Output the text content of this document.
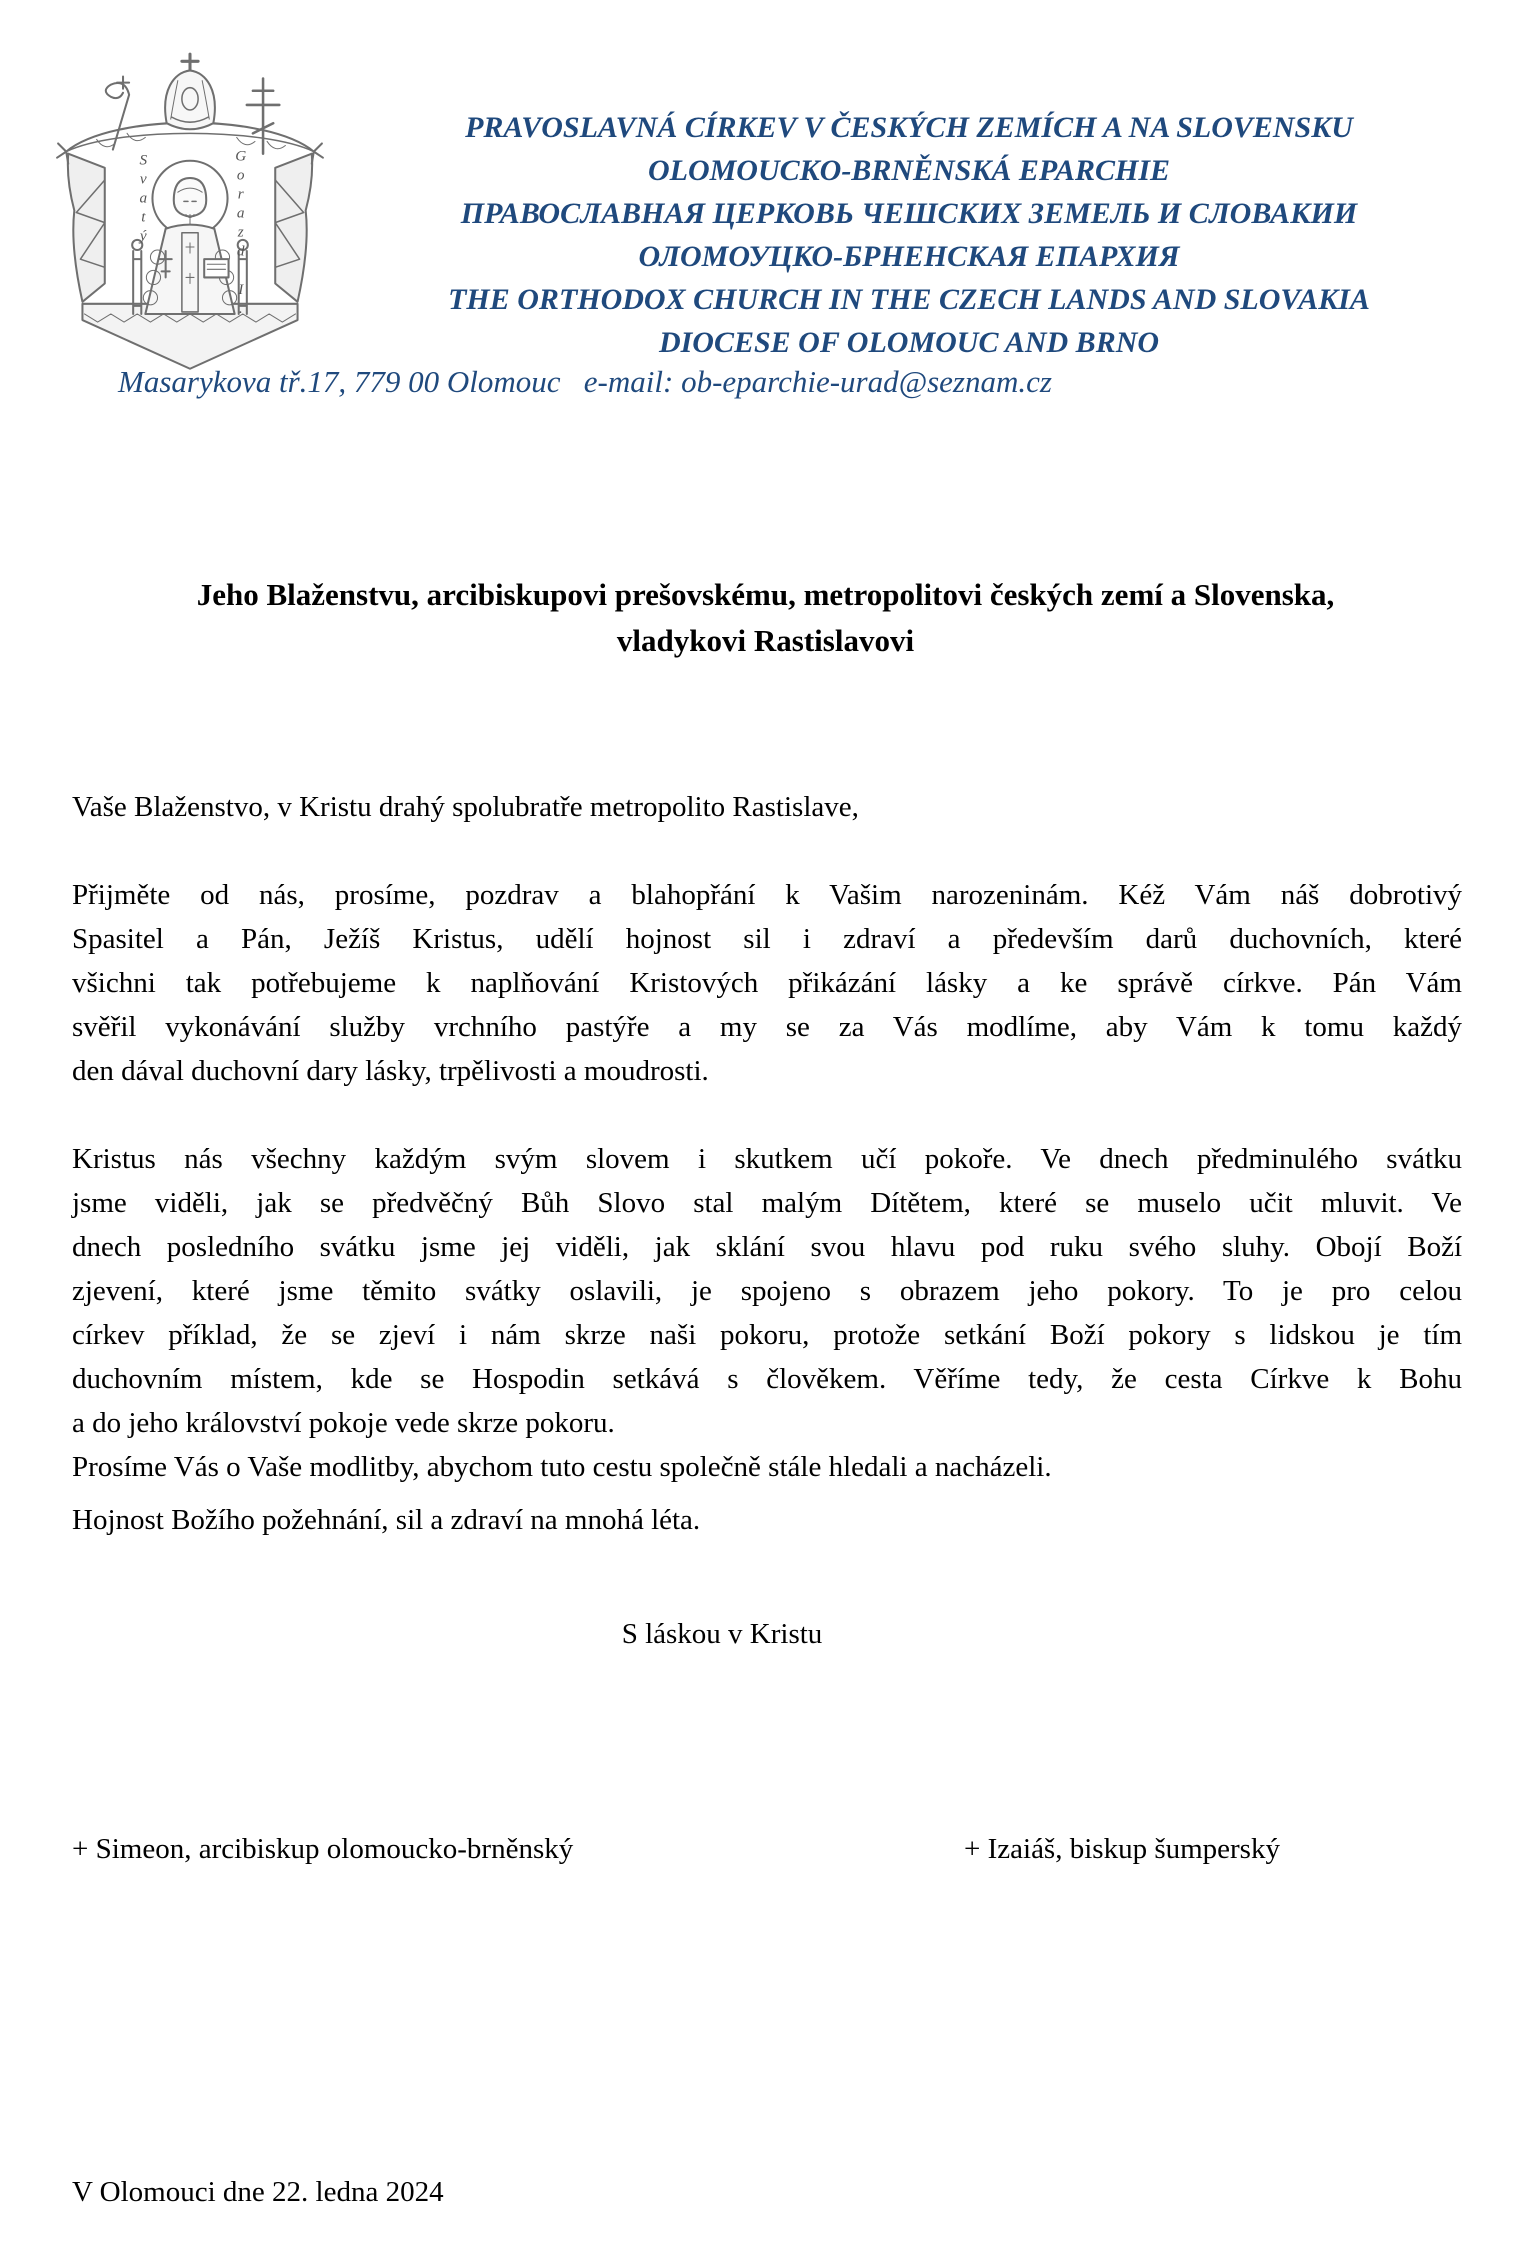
Svatý	Gorazd I.
PRAVOSLAVNÁ CÍRKEV V ČESKÝCH ZEMÍCH A NA SLOVENSKU
OLOMOUCKO-BRNĚNSKÁ EPARCHIE
ПРАВОСЛАВНАЯ ЦЕРКОВЬ ЧЕШСКИХ ЗЕМЕЛЬ И СЛОВАКИИ
ОЛОМОУЦКО-БРНЕНСКАЯ ЕПАРХИЯ
THE ORTHODOX CHURCH IN THE CZECH LANDS AND SLOVAKIA
DIOCESE OF OLOMOUC AND BRNO
Masarykova tř.17, 779 00 Olomouc   e-mail: ob-eparchie-urad@seznam.cz
Jeho Blaženstvu, arcibiskupovi prešovskému, metropolitovi českých zemí a Slovenska,
vladykovi Rastislavovi
Vaše Blaženstvo, v Kristu drahý spolubratře metropolito Rastislave,
Přijměte od nás, prosíme, pozdrav a blahopřání k Vašim narozeninám. Kéž Vám náš dobrotivý
Spasitel a Pán, Ježíš Kristus, udělí hojnost sil i zdraví a především darů duchovních, které
všichni tak potřebujeme k naplňování Kristových přikázání lásky a ke správě církve. Pán Vám
svěřil vykonávání služby vrchního pastýře a my se za Vás modlíme, aby Vám k tomu každý
den dával duchovní dary lásky, trpělivosti a moudrosti.
Kristus nás všechny každým svým slovem i skutkem učí pokoře. Ve dnech předminulého svátku
jsme viděli, jak se předvěčný Bůh Slovo stal malým Dítětem, které se muselo učit mluvit. Ve
dnech posledního svátku jsme jej viděli, jak sklání svou hlavu pod ruku svého sluhy. Obojí Boží
zjevení, které jsme těmito svátky oslavili, je spojeno s obrazem jeho pokory. To je pro celou
církev příklad, že se zjeví i nám skrze naši pokoru, protože setkání Boží pokory s lidskou je tím
duchovním místem, kde se Hospodin setkává s člověkem. Věříme tedy, že cesta Církve k Bohu
a do jeho království pokoje vede skrze pokoru.
Prosíme Vás o Vaše modlitby, abychom tuto cestu společně stále hledali a nacházeli.
Hojnost Božího požehnání, sil a zdraví na mnohá léta.
S láskou v Kristu
+ Simeon, arcibiskup olomoucko-brněnský	+ Izaiáš, biskup šumperský
V Olomouci dne 22. ledna 2024
